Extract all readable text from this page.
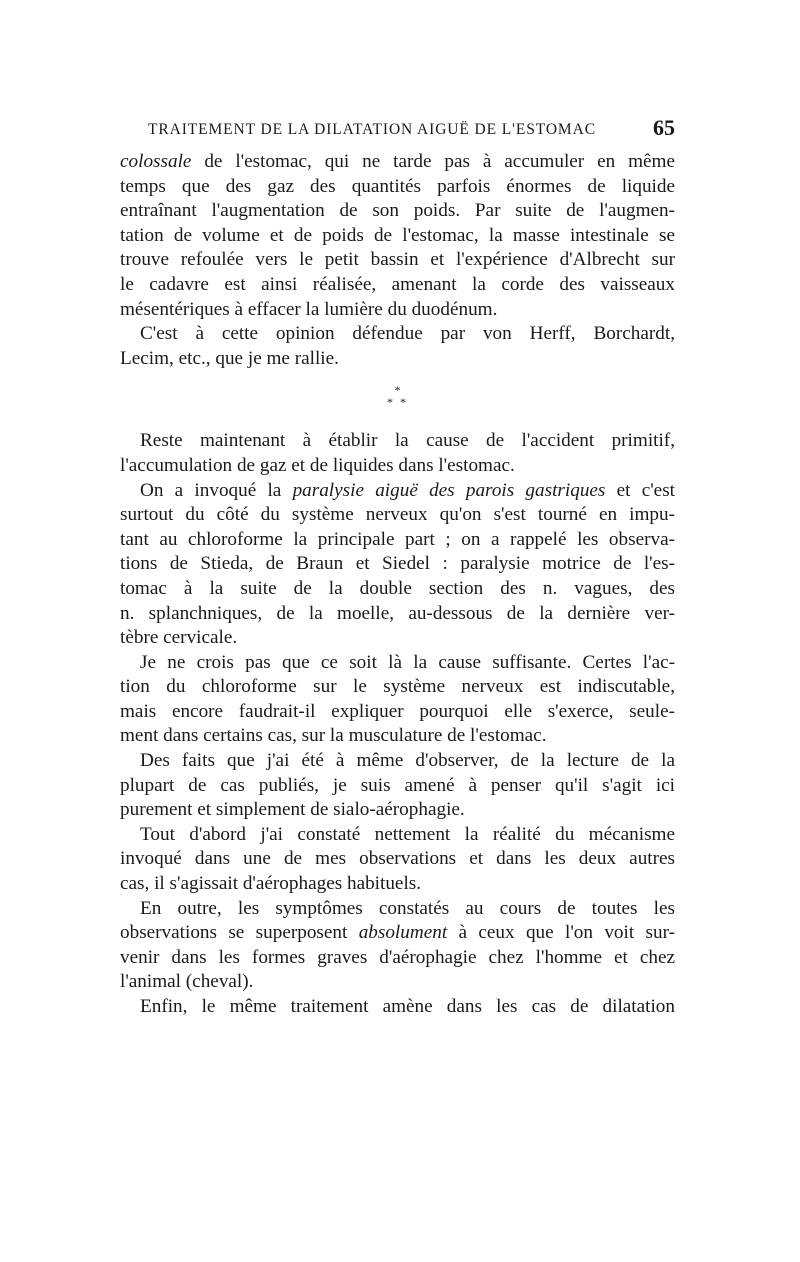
TRAITEMENT DE LA DILATATION AIGUË DE L'ESTOMAC	65
colossale de l'estomac, qui ne tarde pas à accumuler en même
temps que des gaz des quantités parfois énormes de liquide
entraînant l'augmentation de son poids. Par suite de l'augmen-
tation de volume et de poids de l'estomac, la masse intestinale se
trouve refoulée vers le petit bassin et l'expérience d'Albrecht sur
le cadavre est ainsi réalisée, amenant la corde des vaisseaux
mésentériques à effacer la lumière du duodénum.
C'est à cette opinion défendue par von Herff, Borchardt,
Lecim, etc., que je me rallie.
*
* *
Reste maintenant à établir la cause de l'accident primitif,
l'accumulation de gaz et de liquides dans l'estomac.
On a invoqué la paralysie aiguë des parois gastriques et c'est
surtout du côté du système nerveux qu'on s'est tourné en impu-
tant au chloroforme la principale part ; on a rappelé les observa-
tions de Stieda, de Braun et Siedel : paralysie motrice de l'es-
tomac à la suite de la double section des n. vagues, des
n. splanchniques, de la moelle, au-dessous de la dernière ver-
tèbre cervicale.
Je ne crois pas que ce soit là la cause suffisante. Certes l'ac-
tion du chloroforme sur le système nerveux est indiscutable,
mais encore faudrait-il expliquer pourquoi elle s'exerce, seule-
ment dans certains cas, sur la musculature de l'estomac.
Des faits que j'ai été à même d'observer, de la lecture de la
plupart de cas publiés, je suis amené à penser qu'il s'agit ici
purement et simplement de sialo-aérophagie.
Tout d'abord j'ai constaté nettement la réalité du mécanisme
invoqué dans une de mes observations et dans les deux autres
cas, il s'agissait d'aérophages habituels.
En outre, les symptômes constatés au cours de toutes les
observations se superposent absolument à ceux que l'on voit sur-
venir dans les formes graves d'aérophagie chez l'homme et chez
l'animal (cheval).
Enfin, le même traitement amène dans les cas de dilatation
